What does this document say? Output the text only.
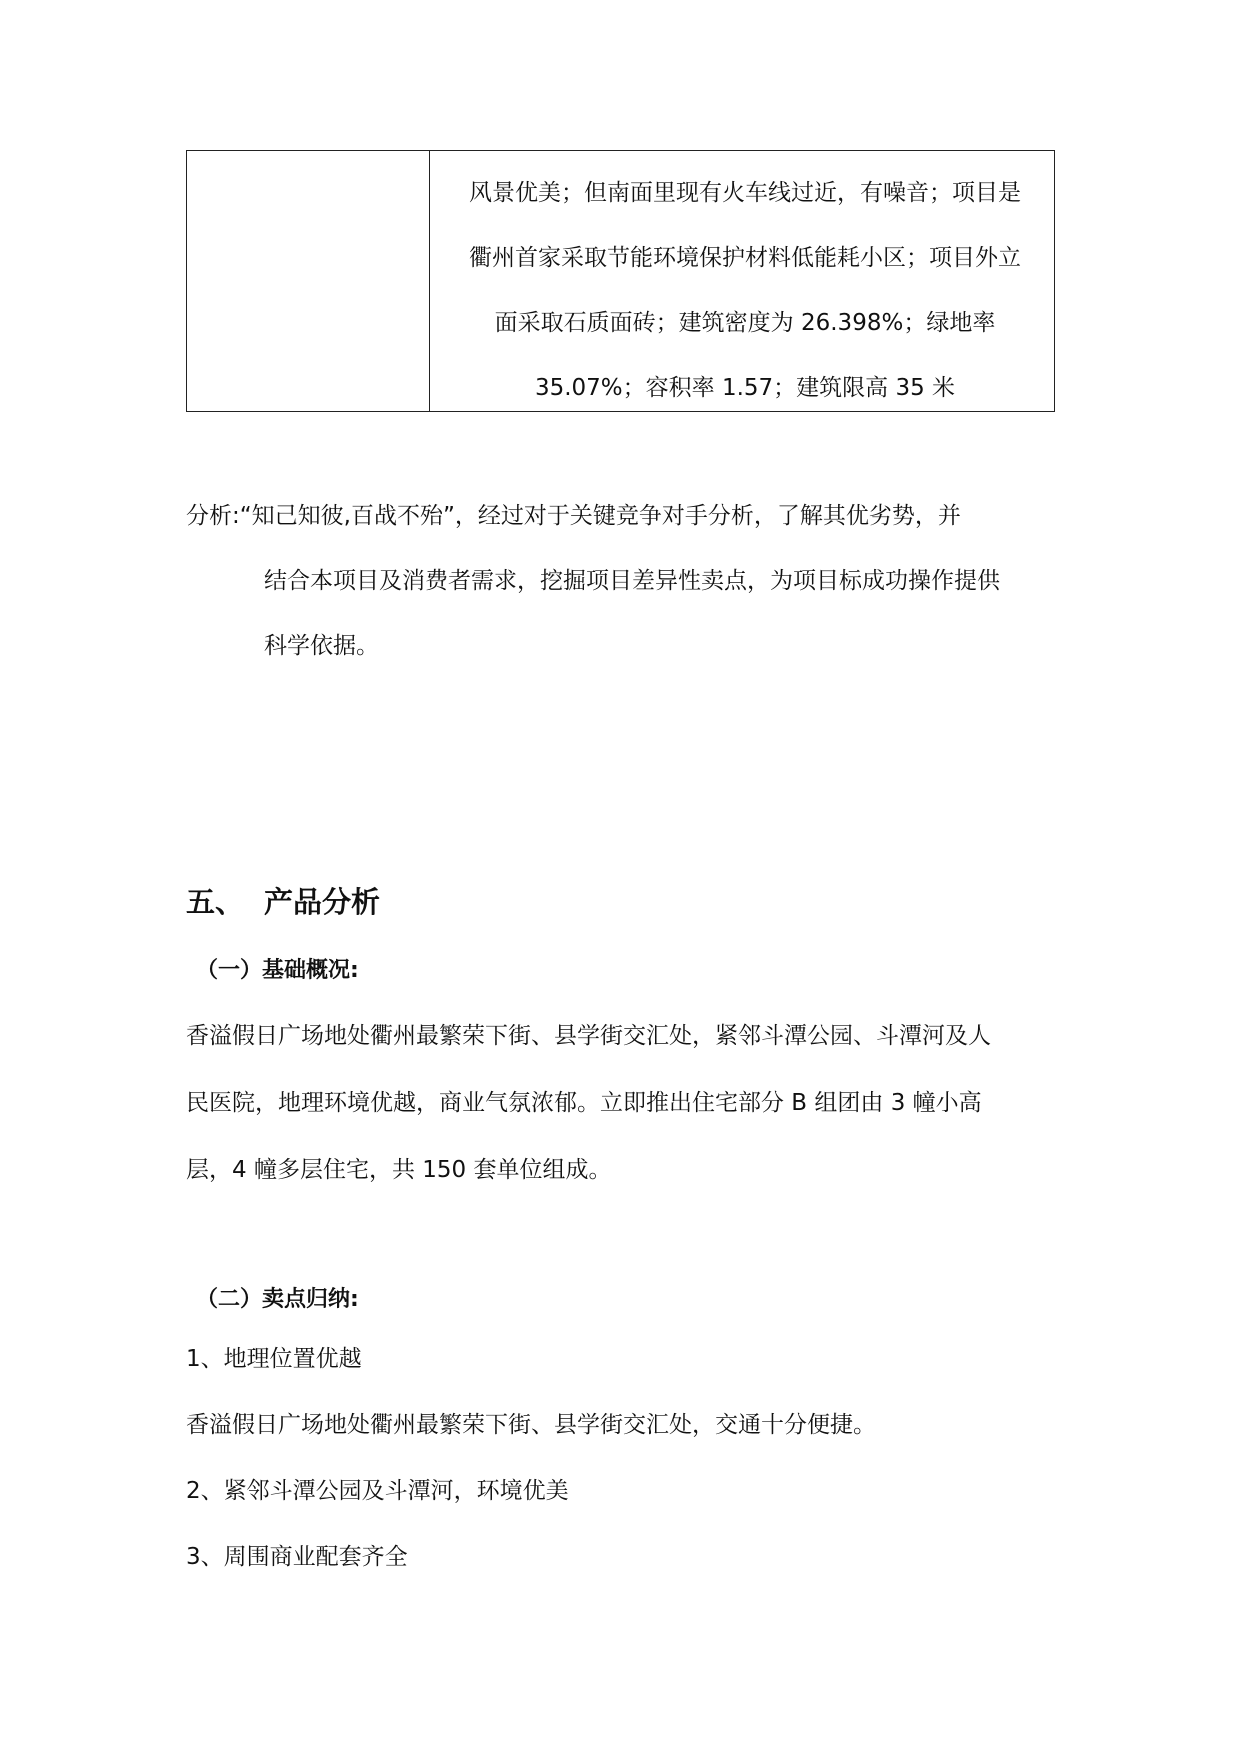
风景优美；但南面里现有火车线过近，有噪音；项目是
衢州首家采取节能环境保护材料低能耗小区；项目外立
面采取石质面砖；建筑密度为 26.398%；绿地率
35.07%；容积率 1.57；建筑限高 35 米
分析:“知己知彼,百战不殆”，经过对于关键竞争对手分析，了解其优劣势，并
结合本项目及消费者需求，挖掘项目差异性卖点，为项目标成功操作提供
科学依据。
五、 产品分析
（一）基础概况:
香溢假日广场地处衢州最繁荣下街、县学街交汇处，紧邻斗潭公园、斗潭河及人
民医院，地理环境优越，商业气氛浓郁。立即推出住宅部分 B 组团由 3 幢小高
层，4 幢多层住宅，共 150 套单位组成。
（二）卖点归纳:
1、地理位置优越
香溢假日广场地处衢州最繁荣下街、县学街交汇处，交通十分便捷。
2、紧邻斗潭公园及斗潭河，环境优美
3、周围商业配套齐全
